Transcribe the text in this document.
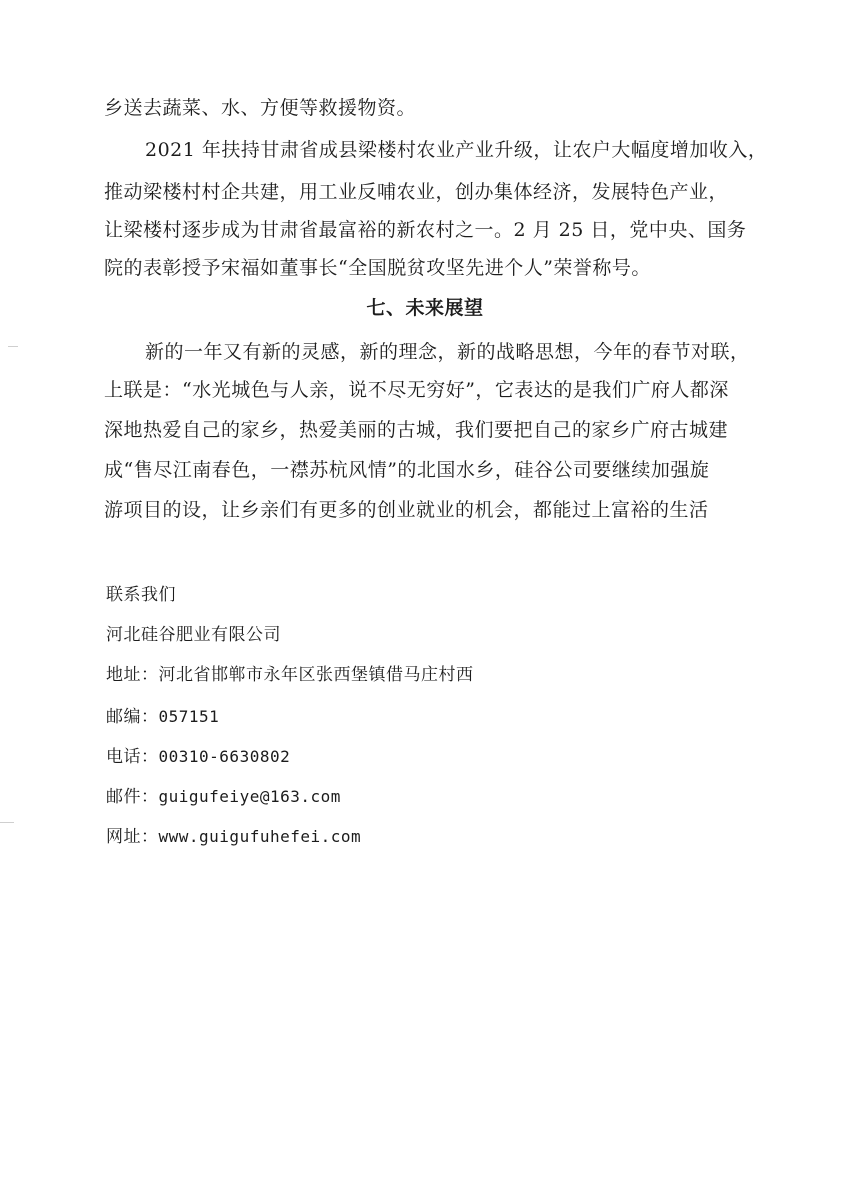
乡送去蔬菜、水、方便等救援物资。
2021 年扶持甘肃省成县梁楼村农业产业升级，让农户大幅度增加收入，
推动梁楼村村企共建，用工业反哺农业，创办集体经济，发展特色产业，
让梁楼村逐步成为甘肃省最富裕的新农村之一。2 月 25 日，党中央、国务
院的表彰授予宋福如董事长“全国脱贫攻坚先进个人”荣誉称号。
七、未来展望
新的一年又有新的灵感，新的理念，新的战略思想，今年的春节对联，
上联是：“水光城色与人亲，说不尽无穷好”，它表达的是我们广府人都深
深地热爱自己的家乡，热爱美丽的古城，我们要把自己的家乡广府古城建
成“售尽江南春色，一襟苏杭风情”的北国水乡，硅谷公司要继续加强旋
游项目的设，让乡亲们有更多的创业就业的机会，都能过上富裕的生活
联系我们
河北硅谷肥业有限公司
地址：河北省邯郸市永年区张西堡镇借马庄村西
邮编：057151
电话：00310-6630802
邮件：guigufeiye@163.com
网址：www.guigufuhefei.com
